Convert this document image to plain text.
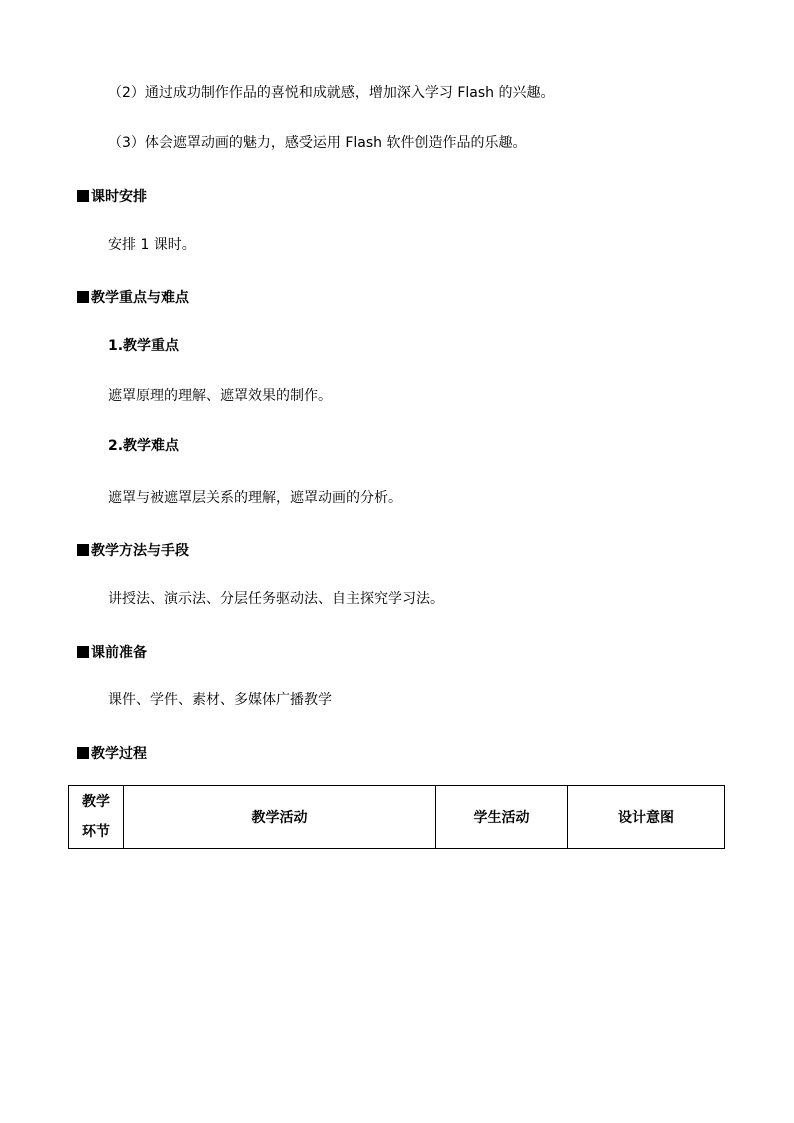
（2）通过成功制作作品的喜悦和成就感，增加深入学习 Flash 的兴趣。
（3）体会遮罩动画的魅力，感受运用 Flash 软件创造作品的乐趣。
课时安排
安排 1 课时。
教学重点与难点
1.教学重点
遮罩原理的理解、遮罩效果的制作。
2.教学难点
遮罩与被遮罩层关系的理解，遮罩动画的分析。
教学方法与手段
讲授法、演示法、分层任务驱动法、自主探究学习法。
课前准备
课件、学件、素材、多媒体广播教学
教学过程
教学
环节
	教学活动	学生活动	设计意图
